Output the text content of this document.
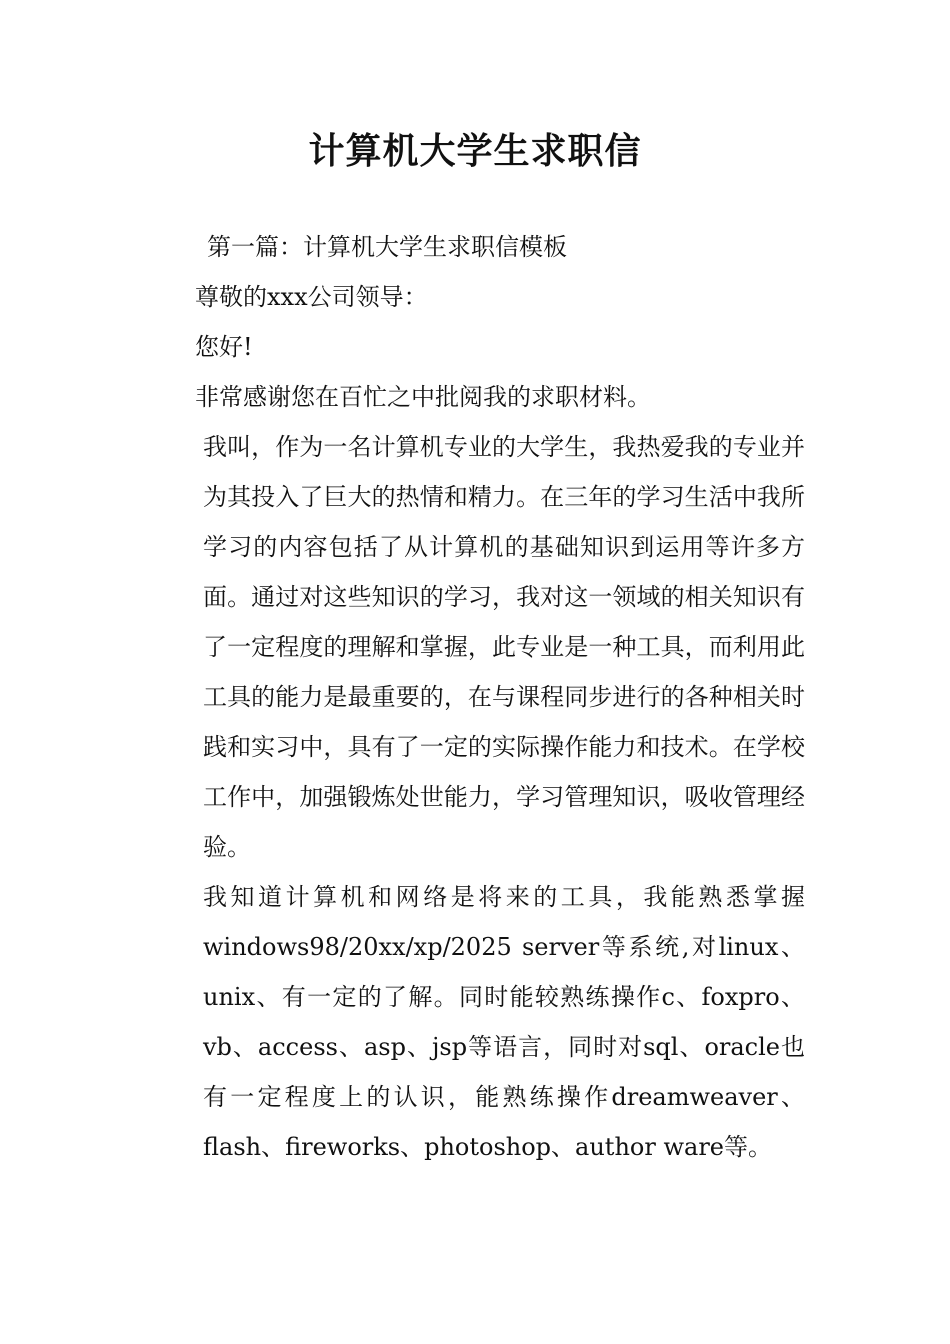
计算机大学生求职信

第一篇：计算机大学生求职信模板

尊敬的xxx公司领导：

您好!

非常感谢您在百忙之中批阅我的求职材料。

我叫，作为一名计算机专业的大学生，我热爱我的专业并为其投入了巨大的热情和精力。在三年的学习生活中我所学习的内容包括了从计算机的基础知识到运用等许多方面。通过对这些知识的学习，我对这一领域的相关知识有了一定程度的理解和掌握，此专业是一种工具，而利用此工具的能力是最重要的，在与课程同步进行的各种相关时践和实习中，具有了一定的实际操作能力和技术。在学校工作中，加强锻炼处世能力，学习管理知识，吸收管理经验。

我知道计算机和网络是将来的工具，我能熟悉掌握windows98/20xx/xp/2025 server等系统,对linux、unix、有一定的了解。同时能较熟练操作c、foxpro、vb、access、asp、jsp等语言，同时对sql、oracle也有一定程度上的认识，能熟练操作dreamweaver、flash、fireworks、photoshop、author ware等。
